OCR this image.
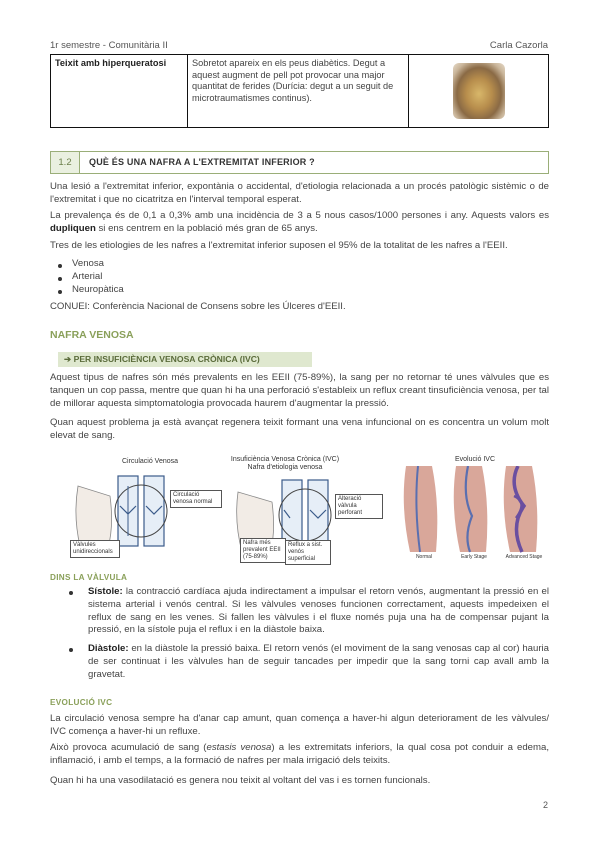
1r semestre - Comunitària II	Carla Cazorla
Teixit amb hiperqueratosi	Sobretot apareix en els peus diabètics. Degut a aquest augment de pell pot provocar una major quantitat de ferides (Durícia: degut a un seguit de microtraumatismes continus).	
1.2	QUÈ ÉS UNA NAFRA A L'EXTREMITAT INFERIOR ?

Una lesió a l'extremitat inferior, expontània o accidental, d'etiologia relacionada a un procés patològic sistèmic o de l'extremitat i que no cicatritza en l'interval temporal esperat.

La prevalença és de 0,1 a 0,3% amb una incidència de 3 a 5 nous casos/1000 persones i any. Aquests valors es dupliquen si ens centrem en la població més gran de 65 anys.

Tres de les etiologies de les nafres a l'extremitat inferior suposen el 95% de la totalitat de les nafres a l'EEII.

Venosa
Arterial
Neuropàtica

CONUEI: Conferència Nacional de Consens sobre les Úlceres d'EEII.

NAFRA VENOSA
➔ PER INSUFICIÈNCIA VENOSA CRÒNICA (IVC)

Aquest tipus de nafres són més prevalents en les EEII (75-89%), la sang per no retornar té unes vàlvules que es tanquen un cop passa, mentre que quan hi ha una perforació s'estableix un reflux creant tinsuficiència venosa, per tal de millorar aquesta simptomatologia provocada haurem d'augmentar la pressió.

Quan aquest problema ja està avançat regenera teixit formant una vena infuncional on es concentra un volum molt elevat de sang.

Circulació Venosa
Circulació venosa normal
Vàlvules unidireccionals
Insuficiència Venosa Crònica (IVC) Nafra d'etiologia venosa
Alteració vàlvula perforant
Nafra més prevalent EEII (75-89%)
Reflux a sist. venós superficial
Evolució IVC
Normal	Early Stage	Advanced Stage
DINS LA VÀLVULA

Sístole: la contracció cardíaca ajuda indirectament a impulsar el retorn venós, augmentant la pressió en el sistema arterial i venós central. Si les vàlvules venoses funcionen correctament, aquests impedeixen el reflux de sang en les venes. Si fallen les vàlvules i el fluxe només puja una ha de compensar pujant la pressió, en la sístole puja el reflux i en la diàstole baixa.

Diàstole: en la diàstole la pressió baixa. El retorn venós (el moviment de la sang venosas cap al cor) hauria de ser continuat i les vàlvules han de seguir tancades per impedir que la sang torni cap avall amb la gravetat.

EVOLUCIÓ IVC

La circulació venosa sempre ha d'anar cap amunt, quan comença a haver-hi algun deteriorament de les vàlvules/ IVC comença a haver-hi un refluxe.

Això provoca acumulació de sang (estasis venosa) a les extremitats inferiors, la qual cosa pot conduir a edema, inflamació, i amb el temps, a la formació de nafres per mala irrigació dels teixits.

Quan hi ha una vasodilatació es genera nou teixit al voltant del vas i es tornen funcionals.

2
